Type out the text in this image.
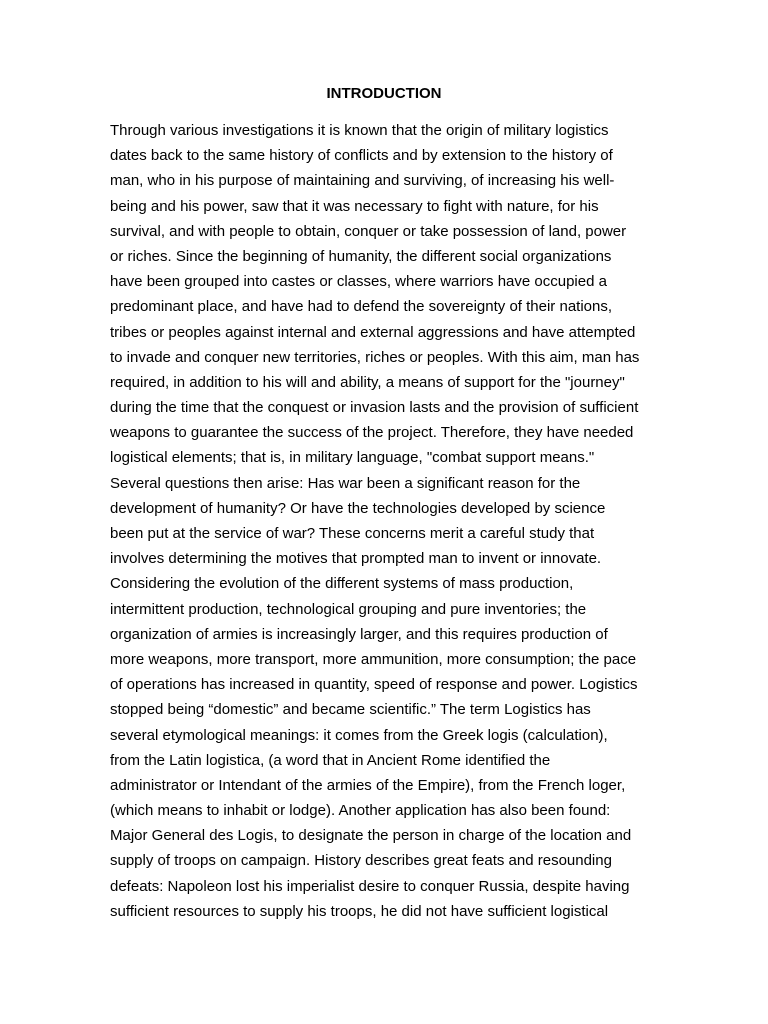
INTRODUCTION
Through various investigations it is known that the origin of military logistics
dates back to the same history of conflicts and by extension to the history of
man, who in his purpose of maintaining and surviving, of increasing his well-
being and his power, saw that it was necessary to fight with nature, for his
survival, and with people to obtain, conquer or take possession of land, power
or riches. Since the beginning of humanity, the different social organizations
have been grouped into castes or classes, where warriors have occupied a
predominant place, and have had to defend the sovereignty of their nations,
tribes or peoples against internal and external aggressions and have attempted
to invade and conquer new territories, riches or peoples. With this aim, man has
required, in addition to his will and ability, a means of support for the "journey"
during the time that the conquest or invasion lasts and the provision of sufficient
weapons to guarantee the success of the project. Therefore, they have needed
logistical elements; that is, in military language, "combat support means."
Several questions then arise: Has war been a significant reason for the
development of humanity? Or have the technologies developed by science
been put at the service of war? These concerns merit a careful study that
involves determining the motives that prompted man to invent or innovate.
Considering the evolution of the different systems of mass production,
intermittent production, technological grouping and pure inventories; the
organization of armies is increasingly larger, and this requires production of
more weapons, more transport, more ammunition, more consumption; the pace
of operations has increased in quantity, speed of response and power. Logistics
stopped being “domestic” and became scientific.” The term Logistics has
several etymological meanings: it comes from the Greek logis (calculation),
from the Latin logistica, (a word that in Ancient Rome identified the
administrator or Intendant of the armies of the Empire), from the French loger,
(which means to inhabit or lodge). Another application has also been found:
Major General des Logis, to designate the person in charge of the location and
supply of troops on campaign. History describes great feats and resounding
defeats: Napoleon lost his imperialist desire to conquer Russia, despite having
sufficient resources to supply his troops, he did not have sufficient logistical
